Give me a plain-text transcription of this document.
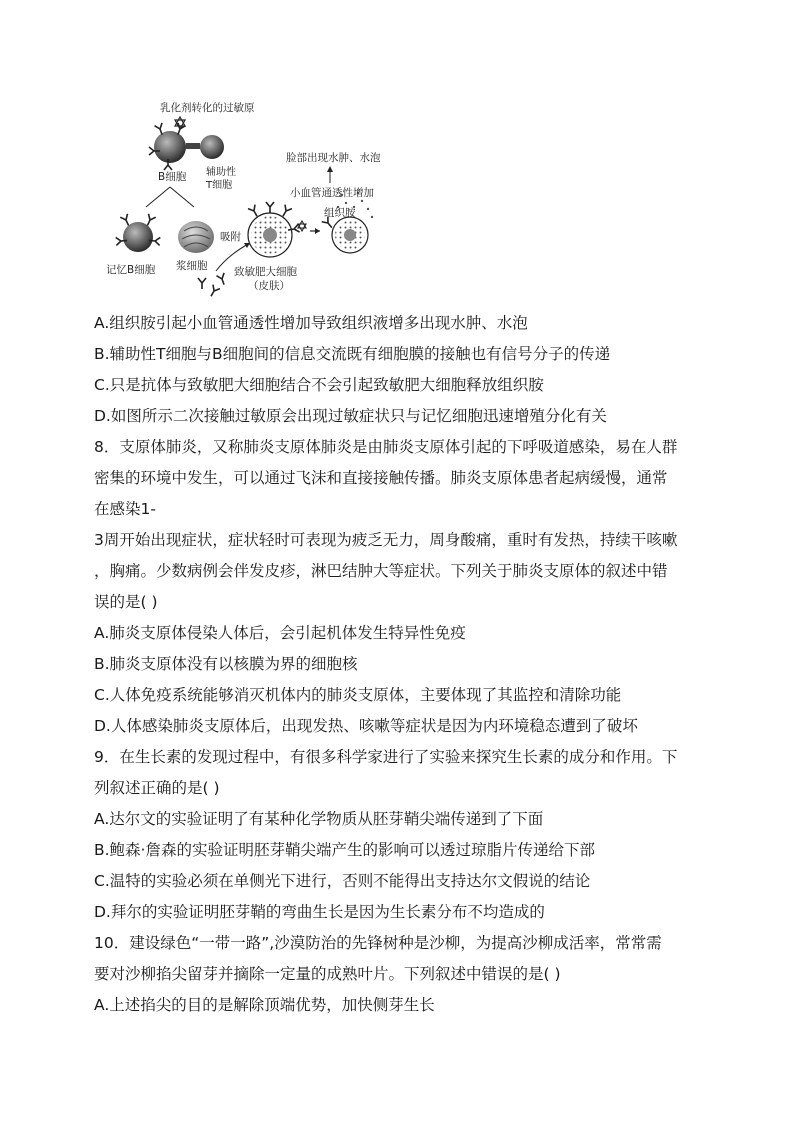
乳化剂转化的过敏原
辅助性
T细胞
B细胞
记忆B细胞 浆细胞
吸附
致敏肥大细胞
（皮肤）
组织胺
脸部出现水肿、水泡
小血管通透性增加
A.组织胺引起小血管通透性增加导致组织液增多出现水肿、水泡
B.辅助性T细胞与B细胞间的信息交流既有细胞膜的接触也有信号分子的传递
C.只是抗体与致敏肥大细胞结合不会引起致敏肥大细胞释放组织胺
D.如图所示二次接触过敏原会出现过敏症状只与记忆细胞迅速增殖分化有关
8．支原体肺炎，又称肺炎支原体肺炎是由肺炎支原体引起的下呼吸道感染，易在人群
密集的环境中发生，可以通过飞沫和直接接触传播。肺炎支原体患者起病缓慢，通常
在感染1-
3周开始出现症状，症状轻时可表现为疲乏无力，周身酸痛，重时有发热，持续干咳嗽
，胸痛。少数病例会伴发皮疹，淋巴结肿大等症状。下列关于肺炎支原体的叙述中错
误的是( )
A.肺炎支原体侵染人体后，会引起机体发生特异性免疫
B.肺炎支原体没有以核膜为界的细胞核
C.人体免疫系统能够消灭机体内的肺炎支原体，主要体现了其监控和清除功能
D.人体感染肺炎支原体后，出现发热、咳嗽等症状是因为内环境稳态遭到了破坏
9．在生长素的发现过程中，有很多科学家进行了实验来探究生长素的成分和作用。下
列叙述正确的是( )
A.达尔文的实验证明了有某种化学物质从胚芽鞘尖端传递到了下面
B.鲍森·詹森的实验证明胚芽鞘尖端产生的影响可以透过琼脂片传递给下部
C.温特的实验必须在单侧光下进行，否则不能得出支持达尔文假说的结论
D.拜尔的实验证明胚芽鞘的弯曲生长是因为生长素分布不均造成的
10．建设绿色“一带一路”,沙漠防治的先锋树种是沙柳，为提高沙柳成活率，常常需
要对沙柳掐尖留芽并摘除一定量的成熟叶片。下列叙述中错误的是( )
A.上述掐尖的目的是解除顶端优势，加快侧芽生长
